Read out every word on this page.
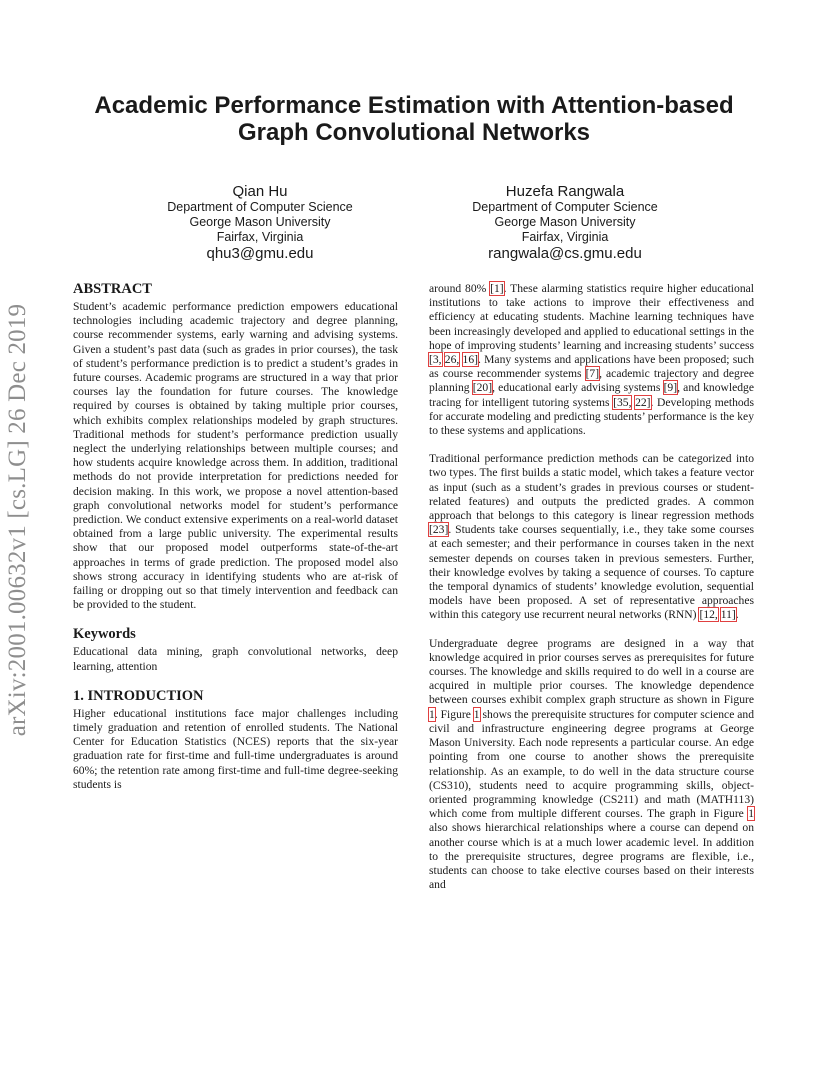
Academic Performance Estimation with Attention-based
Graph Convolutional Networks
Qian Hu
Department of Computer Science
George Mason University
Fairfax, Virginia
qhu3@gmu.edu
Huzefa Rangwala
Department of Computer Science
George Mason University
Fairfax, Virginia
rangwala@cs.gmu.edu
arXiv:2001.00632v1 [cs.LG] 26 Dec 2019
ABSTRACT

Student’s academic performance prediction empowers educational technologies including academic trajectory and degree planning, course recommender systems, early warning and advising systems. Given a student’s past data (such as grades in prior courses), the task of student’s performance prediction is to predict a student’s grades in future courses. Academic programs are structured in a way that prior courses lay the foundation for future courses. The knowledge required by courses is obtained by taking multiple prior courses, which exhibits complex relationships modeled by graph structures. Traditional methods for student’s performance prediction usually neglect the underlying relationships between multiple courses; and how students acquire knowledge across them. In addition, traditional methods do not provide interpretation for predictions needed for decision making. In this work, we propose a novel attention-based graph convolutional networks model for student’s performance prediction. We conduct extensive experiments on a real-world dataset obtained from a large public university. The experimental results show that our proposed model outperforms state-of-the-art approaches in terms of grade prediction. The proposed model also shows strong accuracy in identifying students who are at-risk of failing or dropping out so that timely intervention and feedback can be provided to the student.

Keywords

Educational data mining, graph convolutional networks, deep learning, attention

1. INTRODUCTION

Higher educational institutions face major challenges including timely graduation and retention of enrolled students. The National Center for Education Statistics (NCES) reports that the six-year graduation rate for first-time and full-time undergraduates is around 60%; the retention rate among first-time and full-time degree-seeking students is

around 80% [1]. These alarming statistics require higher educational institutions to take actions to improve their effectiveness and efficiency at educating students. Machine learning techniques have been increasingly developed and applied to educational settings in the hope of improving students’ learning and increasing students’ success [3, 26, 16]. Many systems and applications have been proposed; such as course recommender systems [7], academic trajectory and degree planning [20], educational early advising systems [9], and knowledge tracing for intelligent tutoring systems [35, 22]. Developing methods for accurate modeling and predicting students’ performance is the key to these systems and applications.

Traditional performance prediction methods can be categorized into two types. The first builds a static model, which takes a feature vector as input (such as a student’s grades in previous courses or student-related features) and outputs the predicted grades. A common approach that belongs to this category is linear regression methods [23]. Students take courses sequentially, i.e., they take some courses at each semester; and their performance in courses taken in the next semester depends on courses taken in previous semesters. Further, their knowledge evolves by taking a sequence of courses. To capture the temporal dynamics of students’ knowledge evolution, sequential models have been proposed. A set of representative approaches within this category use recurrent neural networks (RNN) [12, 11].

Undergraduate degree programs are designed in a way that knowledge acquired in prior courses serves as prerequisites for future courses. The knowledge and skills required to do well in a course are acquired in multiple prior courses. The knowledge dependence between courses exhibit complex graph structure as shown in Figure 1. Figure 1 shows the prerequisite structures for computer science and civil and infrastructure engineering degree programs at George Mason University. Each node represents a particular course. An edge pointing from one course to another shows the prerequisite relationship. As an example, to do well in the data structure course (CS310), students need to acquire programming skills, object-oriented programming knowledge (CS211) and math (MATH113) which come from multiple different courses. The graph in Figure 1 also shows hierarchical relationships where a course can depend on another course which is at a much lower academic level. In addition to the prerequisite structures, degree programs are flexible, i.e., students can choose to take elective courses based on their interests and
